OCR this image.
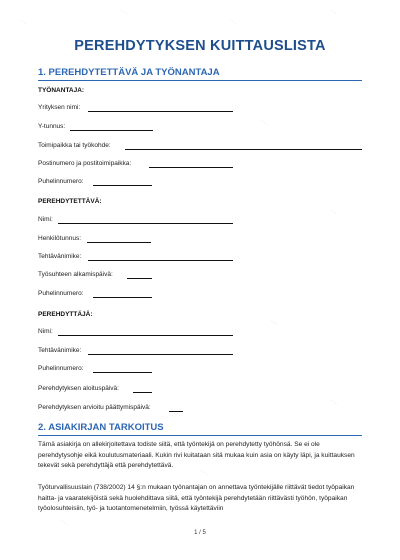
PEREHDYTYKSEN KUITTAUSLISTA
1. PEREHDYTETTÄVÄ JA TYÖNANTAJA
TYÖNANTAJA:
Yrityksen nimi:
Y-tunnus:
Toimipaikka tai työkohde:
Postinumero ja postitoimipaikka:
Puhelinnumero:
PEREHDYTETTÄVÄ:
Nimi:
Henkilötunnus:
Tehtävänimike:
Työsuhteen alkamispäivä:
Puhelinnumero:
PEREHDYTTÄJÄ:
Nimi:
Tehtävänimike:
Puhelinnumero:
Perehdytyksen aloituspäivä:
Perehdytyksen arvioitu päättymispäivä:
2. ASIAKIRJAN TARKOITUS
Tämä asiakirja on allekirjoitettava todiste siitä, että työntekijä on perehdytetty työhönsä. Se ei ole perehdytysohje eikä koulutusmateriaali. Kukin rivi kuitataan sitä mukaa kuin asia on käyty läpi, ja kuittauksen tekevät sekä perehdyttäjä että perehdytettävä.
Työturvallisuuslain (738/2002) 14 §:n mukaan työnantajan on annettava työntekijälle riittävät tiedot työpaikan haitta- ja vaaratekijöistä sekä huolehdittava siitä, että työntekijä perehdytetään riittävästi työhön, työpaikan työolosuhteisiin, työ- ja tuotantomenetelmiin, työssä käytettäviin
1 / 5
·····
·····
·····
·····
·····
·····
·····
·····
·····
·····
